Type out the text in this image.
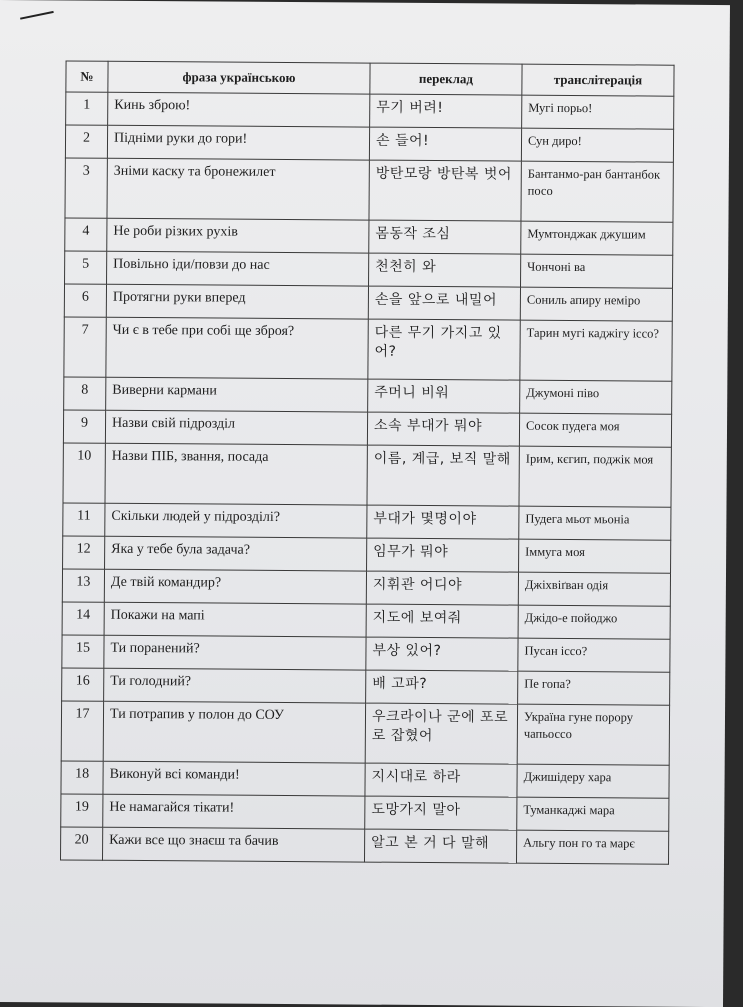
№	фраза українською	переклад	транслітерація
1	Кинь зброю!	무기 버려!	Мугі порьо!
2	Підніми руки до гори!	손 들어!	Сун дирo!
3	Зніми каску та бронежилет	방탄모랑 방탄복 벗어	Бантанмо-ран бантанбок посо
4	Не роби різких рухів	몸동작 조심	Мумтонджак джушим
5	Повільно іди/повзи до нас	천천히 와	Чончоні ва
6	Протягни руки вперед	손을 앞으로 내밀어	Сониль апиру неміро
7	Чи є в тебе при собі ще зброя?	다른 무기 가지고 있어?	Тарин мугі каджігу іссо?
8	Виверни кармани	주머니 비워	Джумоні піво
9	Назви свій підрозділ	소속 부대가 뭐야	Сосок пудега моя
10	Назви ПІБ, звання, посада	이름, 계급, 보직 말해	Ірим, кєгип, поджік моя
11	Скільки людей у підрозділі?	부대가 몇명이야	Пудега мьот мьоніа
12	Яка у тебе була задача?	임무가 뭐야	Іммуга моя
13	Де твій командир?	지휘관 어디야	Джіхвіґван одія
14	Покажи на мапі	지도에 보여줘	Джідо-е пойоджо
15	Ти поранений?	부상 있어?	Пусан іссо?
16	Ти голодний?	배 고파?	Пе гопа?
17	Ти потрапив у полон до СОУ	우크라이나 군에 포로로 잡혔어	Україна гуне порору чапьоссо
18	Виконуй всі команди!	지시대로 하라	Джишідеру хара
19	Не намагайся тікати!	도망가지 말아	Туманкаджі мара
20	Кажи все що знаєш та бачив	알고 본 거 다 말해	Альгу пон го та марє
